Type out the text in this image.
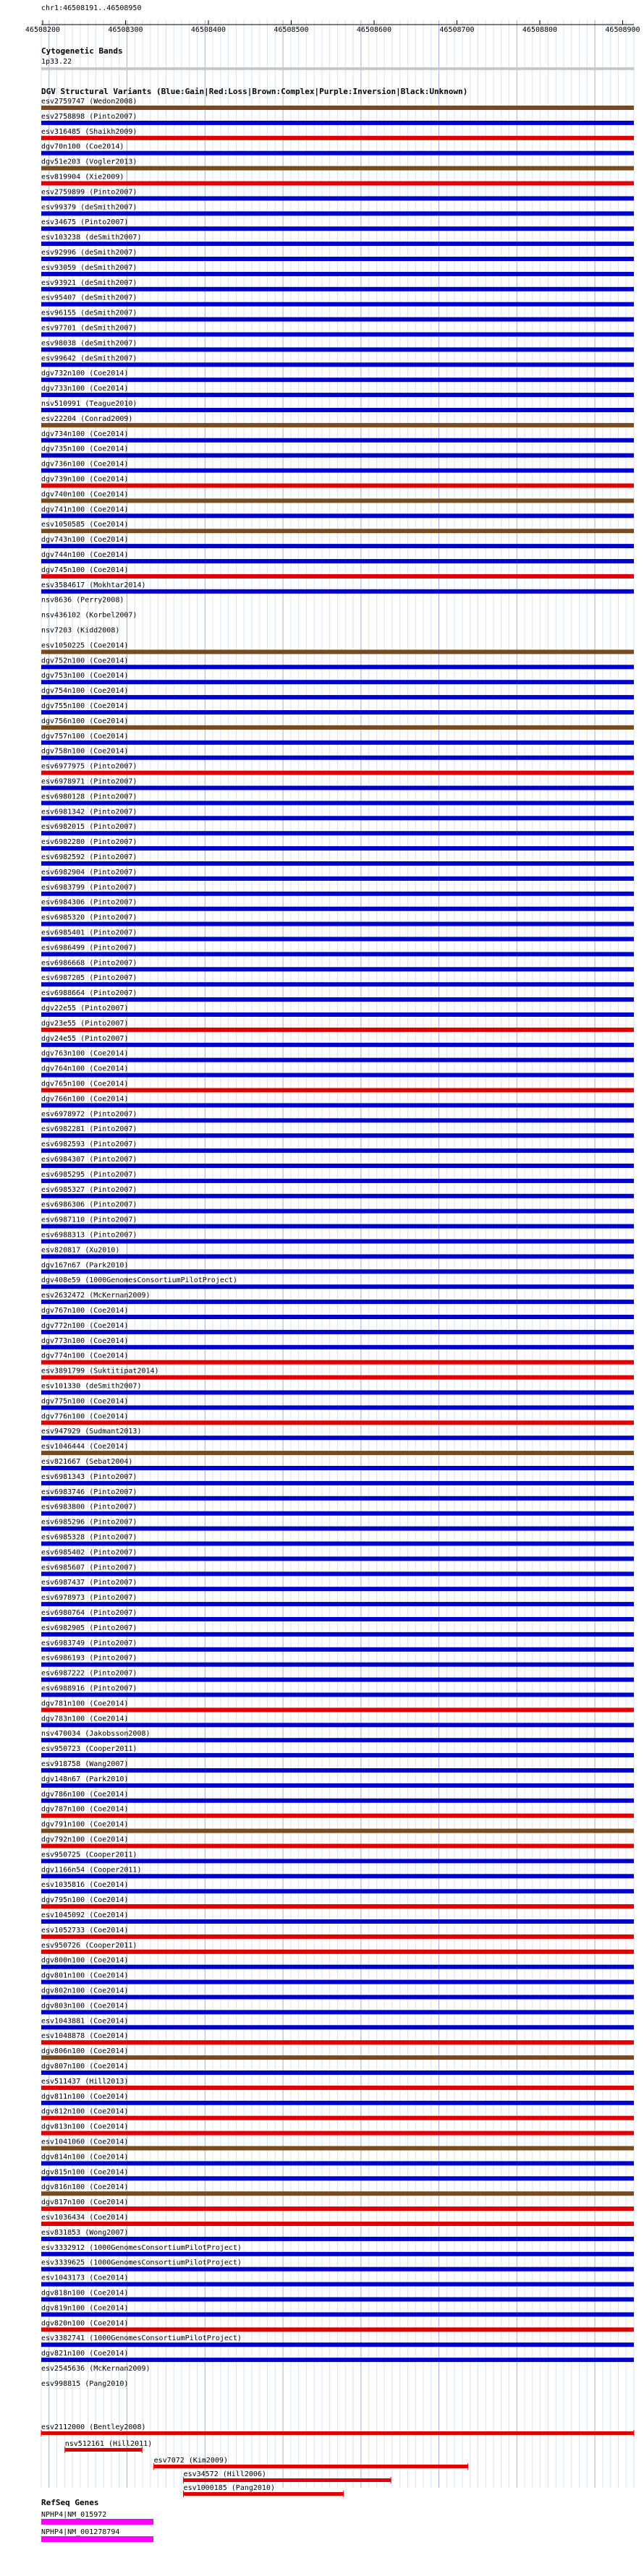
chr1:46508191..46508950
46508200	46508300	46508400	46508500	46508600	46508700	46508800	46508900
Cytogenetic Bands
1p33.22
DGV Structural Variants (Blue:Gain|Red:Loss|Brown:Complex|Purple:Inversion|Black:Unknown)
esv2759747 (Wedon2008)
esv2758898 (Pinto2007)
esv316485 (Shaikh2009)
dgv70n100 (Coe2014)
dgv51e203 (Vogler2013)
esv819904 (Xie2009)
esv2759899 (Pinto2007)
esv99379 (deSmith2007)
esv34675 (Pinto2007)
esv103238 (deSmith2007)
esv92996 (deSmith2007)
esv93059 (deSmith2007)
esv93921 (deSmith2007)
esv95407 (deSmith2007)
esv96155 (deSmith2007)
esv97701 (deSmith2007)
esv98038 (deSmith2007)
esv99642 (deSmith2007)
dgv732n100 (Coe2014)
dgv733n100 (Coe2014)
nsv510991 (Teague2010)
esv22204 (Conrad2009)
dgv734n100 (Coe2014)
dgv735n100 (Coe2014)
dgv736n100 (Coe2014)
dgv739n100 (Coe2014)
dgv740n100 (Coe2014)
dgv741n100 (Coe2014)
esv1050585 (Coe2014)
dgv743n100 (Coe2014)
dgv744n100 (Coe2014)
dgv745n100 (Coe2014)
esv3584617 (Mokhtar2014)
nsv8636 (Perry2008)
nsv436102 (Korbel2007)
nsv7203 (Kidd2008)
esv1050225 (Coe2014)
dgv752n100 (Coe2014)
dgv753n100 (Coe2014)
dgv754n100 (Coe2014)
dgv755n100 (Coe2014)
dgv756n100 (Coe2014)
dgv757n100 (Coe2014)
dgv758n100 (Coe2014)
esv6977975 (Pinto2007)
esv6978971 (Pinto2007)
esv6980128 (Pinto2007)
esv6981342 (Pinto2007)
esv6982015 (Pinto2007)
esv6982280 (Pinto2007)
esv6982592 (Pinto2007)
esv6982904 (Pinto2007)
esv6983799 (Pinto2007)
esv6984306 (Pinto2007)
esv6985320 (Pinto2007)
esv6985401 (Pinto2007)
esv6986499 (Pinto2007)
esv6986668 (Pinto2007)
esv6987205 (Pinto2007)
esv6988664 (Pinto2007)
dgv22e55 (Pinto2007)
dgv23e55 (Pinto2007)
dgv24e55 (Pinto2007)
dgv763n100 (Coe2014)
dgv764n100 (Coe2014)
dgv765n100 (Coe2014)
dgv766n100 (Coe2014)
esv6978972 (Pinto2007)
esv6982281 (Pinto2007)
esv6982593 (Pinto2007)
esv6984307 (Pinto2007)
esv6985295 (Pinto2007)
esv6985327 (Pinto2007)
esv6986306 (Pinto2007)
esv6987110 (Pinto2007)
esv6988313 (Pinto2007)
esv820817 (Xu2010)
dgv167n67 (Park2010)
dgv408e59 (1000GenomesConsortiumPilotProject)
esv2632472 (McKernan2009)
dgv767n100 (Coe2014)
dgv772n100 (Coe2014)
dgv773n100 (Coe2014)
dgv774n100 (Coe2014)
esv3891799 (Suktitipat2014)
esv101330 (deSmith2007)
dgv775n100 (Coe2014)
dgv776n100 (Coe2014)
esv947929 (Sudmant2013)
esv1046444 (Coe2014)
esv821667 (Sebat2004)
esv6981343 (Pinto2007)
esv6983746 (Pinto2007)
esv6983800 (Pinto2007)
esv6985296 (Pinto2007)
esv6985328 (Pinto2007)
esv6985402 (Pinto2007)
esv6985607 (Pinto2007)
esv6987437 (Pinto2007)
esv6978973 (Pinto2007)
esv6980764 (Pinto2007)
esv6982905 (Pinto2007)
esv6983749 (Pinto2007)
esv6986193 (Pinto2007)
esv6987222 (Pinto2007)
esv6988916 (Pinto2007)
dgv781n100 (Coe2014)
dgv783n100 (Coe2014)
nsv470034 (Jakobsson2008)
esv950723 (Cooper2011)
esv918758 (Wang2007)
dgv148n67 (Park2010)
dgv786n100 (Coe2014)
dgv787n100 (Coe2014)
dgv791n100 (Coe2014)
dgv792n100 (Coe2014)
esv950725 (Cooper2011)
dgv1166n54 (Cooper2011)
esv1035816 (Coe2014)
dgv795n100 (Coe2014)
esv1045092 (Coe2014)
esv1052733 (Coe2014)
esv950726 (Cooper2011)
dgv800n100 (Coe2014)
dgv801n100 (Coe2014)
dgv802n100 (Coe2014)
dgv803n100 (Coe2014)
esv1043881 (Coe2014)
esv1048878 (Coe2014)
dgv806n100 (Coe2014)
dgv807n100 (Coe2014)
esv511437 (Hill2013)
dgv811n100 (Coe2014)
dgv812n100 (Coe2014)
dgv813n100 (Coe2014)
esv1041060 (Coe2014)
dgv814n100 (Coe2014)
dgv815n100 (Coe2014)
dgv816n100 (Coe2014)
dgv817n100 (Coe2014)
esv1036434 (Coe2014)
esv831853 (Wong2007)
esv3332912 (1000GenomesConsortiumPilotProject)
esv3339625 (1000GenomesConsortiumPilotProject)
esv1043173 (Coe2014)
dgv818n100 (Coe2014)
dgv819n100 (Coe2014)
dgv820n100 (Coe2014)
esv3382741 (1000GenomesConsortiumPilotProject)
dgv821n100 (Coe2014)
esv2545636 (McKernan2009)
esv998815 (Pang2010)
esv2112000 (Bentley2008)
nsv512161 (Hill2011)
esv7072 (Kim2009)
esv34572 (Hill2006)
esv1000185 (Pang2010)
RefSeq Genes
NPHP4|NM_015972
NPHP4|NM_001278794
